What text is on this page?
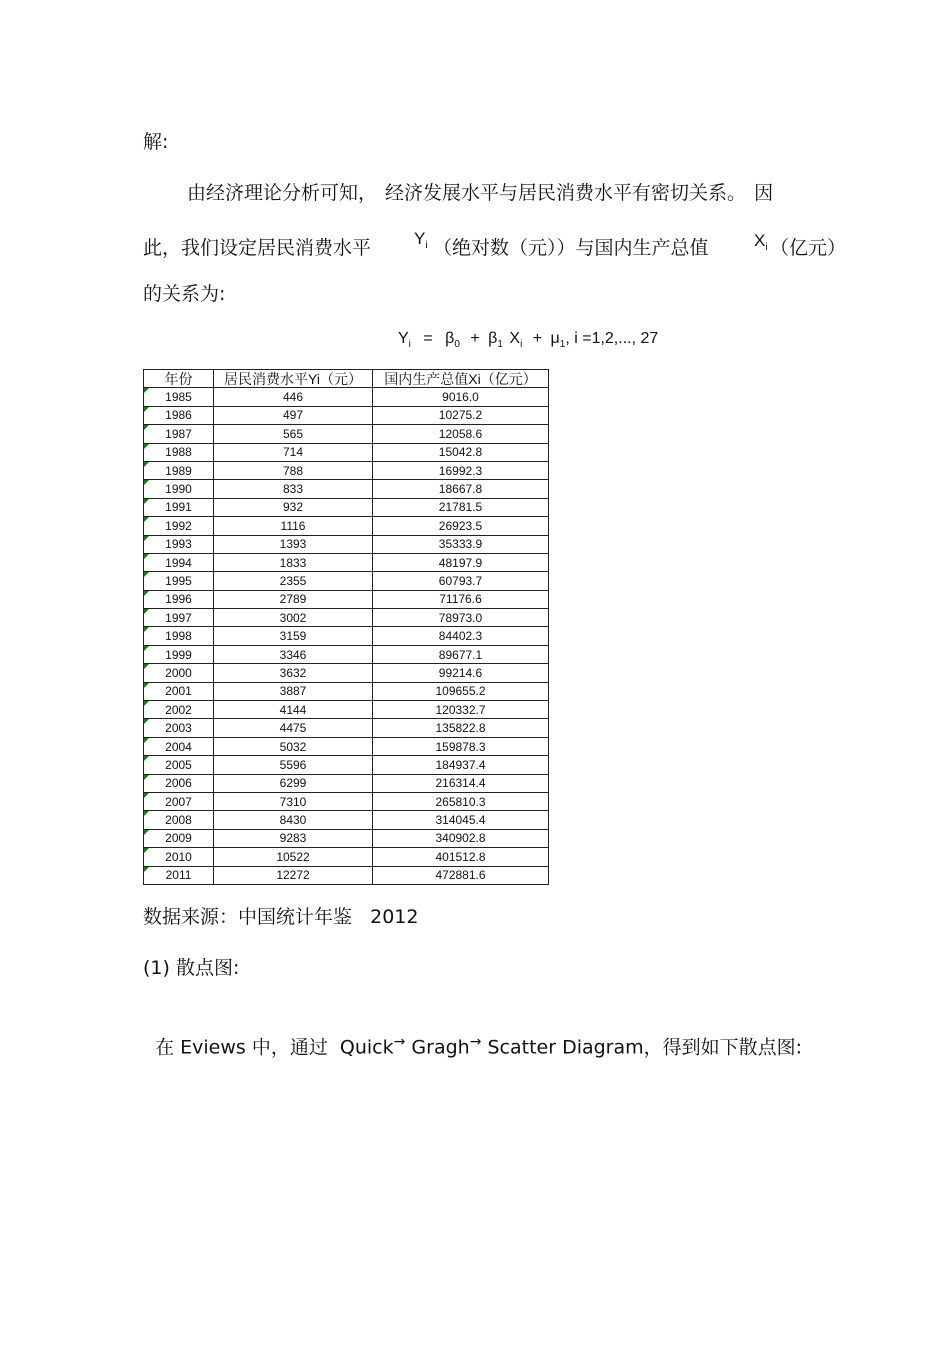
解:
由经济理论分析可知， 经济发展水平与居民消费水平有密切关系。 因
此，我们设定居民消费水平	$Y_i$ （绝对数（元））与国内生产总值	$X_i$ （亿元）
的关系为:
Yi = β0 + β1 Xi + μ1, i =1,2,..., 27
年份	居民消费水平Yi（元）	国内生产总值Xi（亿元）
1985	446	9016.0
1986	497	10275.2
1987	565	12058.6
1988	714	15042.8
1989	788	16992.3
1990	833	18667.8
1991	932	21781.5
1992	1116	26923.5
1993	1393	35333.9
1994	1833	48197.9
1995	2355	60793.7
1996	2789	71176.6
1997	3002	78973.0
1998	3159	84402.3
1999	3346	89677.1
2000	3632	99214.6
2001	3887	109655.2
2002	4144	120332.7
2003	4475	135822.8
2004	5032	159878.3
2005	5596	184937.4
2006	6299	216314.4
2007	7310	265810.3
2008	8430	314045.4
2009	9283	340902.8
2010	10522	401512.8
2011	12272	472881.6
数据来源：中国统计年鉴   2012
(1) 散点图:

在 Eviews 中，通过  Quick→ Gragh→ Scatter Diagram，得到如下散点图:
